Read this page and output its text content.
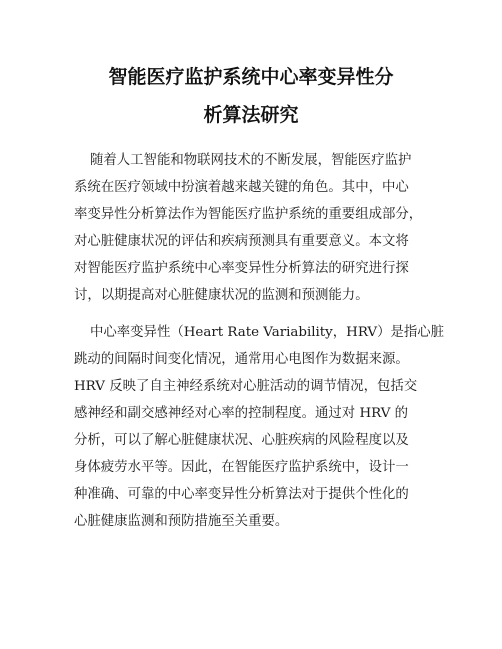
智能医疗监护系统中心率变异性分
析算法研究
随着人工智能和物联网技术的不断发展，智能医疗监护
系统在医疗领域中扮演着越来越关键的角色。其中，中心
率变异性分析算法作为智能医疗监护系统的重要组成部分，
对心脏健康状况的评估和疾病预测具有重要意义。本文将
对智能医疗监护系统中心率变异性分析算法的研究进行探
讨，以期提高对心脏健康状况的监测和预测能力。
中心率变异性（Heart Rate Variability，HRV）是指心脏
跳动的间隔时间变化情况，通常用心电图作为数据来源。
HRV 反映了自主神经系统对心脏活动的调节情况，包括交
感神经和副交感神经对心率的控制程度。通过对 HRV 的
分析，可以了解心脏健康状况、心脏疾病的风险程度以及
身体疲劳水平等。因此，在智能医疗监护系统中，设计一
种准确、可靠的中心率变异性分析算法对于提供个性化的
心脏健康监测和预防措施至关重要。
